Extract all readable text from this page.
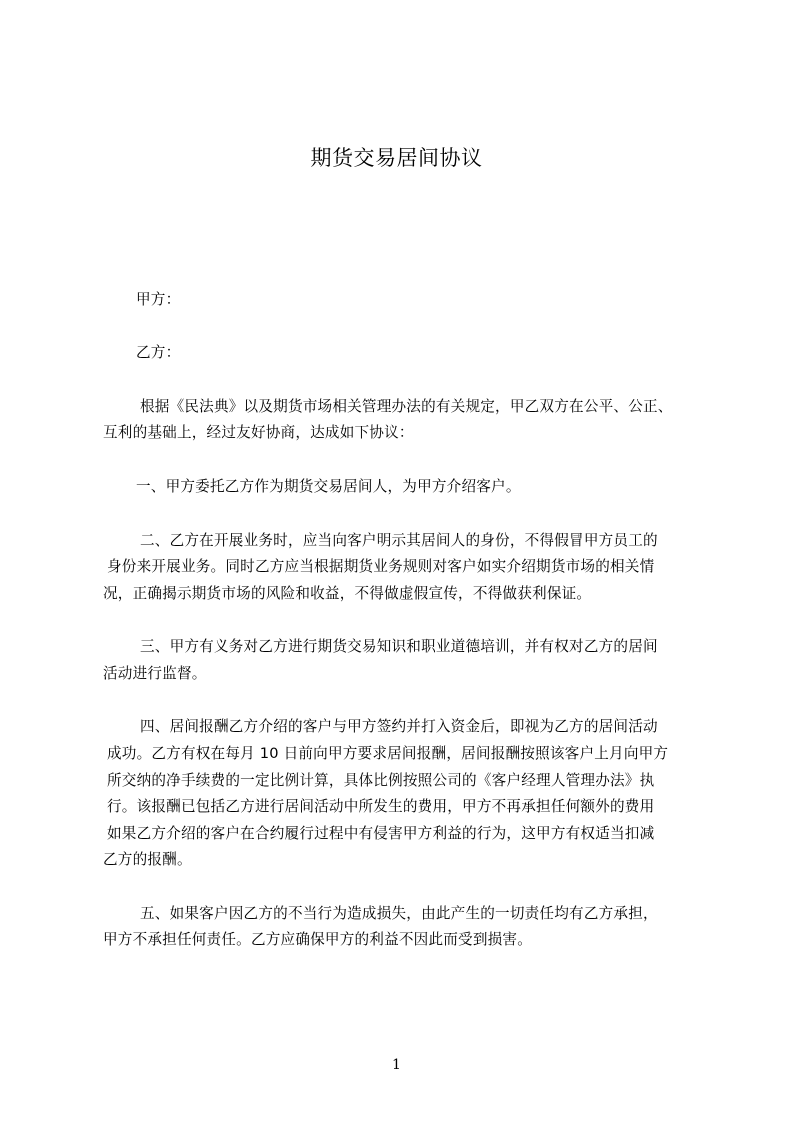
期货交易居间协议
甲方：
乙方：
根据《民法典》以及期货市场相关管理办法的有关规定，甲乙双方在公平、公正、
互利的基础上，经过友好协商，达成如下协议：
一、甲方委托乙方作为期货交易居间人，为甲方介绍客户。
二、乙方在开展业务时，应当向客户明示其居间人的身份，不得假冒甲方员工的
身份来开展业务。同时乙方应当根据期货业务规则对客户如实介绍期货市场的相关情
况，正确揭示期货市场的风险和收益，不得做虚假宣传，不得做获利保证。
三、甲方有义务对乙方进行期货交易知识和职业道德培训，并有权对乙方的居间
活动进行监督。
四、居间报酬乙方介绍的客户与甲方签约并打入资金后，即视为乙方的居间活动
成功。乙方有权在每月 10 日前向甲方要求居间报酬，居间报酬按照该客户上月向甲方
所交纳的净手续费的一定比例计算，具体比例按照公司的《客户经理人管理办法》执
行。该报酬已包括乙方进行居间活动中所发生的费用，甲方不再承担任何额外的费用
如果乙方介绍的客户在合约履行过程中有侵害甲方利益的行为，这甲方有权适当扣减
乙方的报酬。
五、如果客户因乙方的不当行为造成损失，由此产生的一切责任均有乙方承担，
甲方不承担任何责任。乙方应确保甲方的利益不因此而受到损害。
1
